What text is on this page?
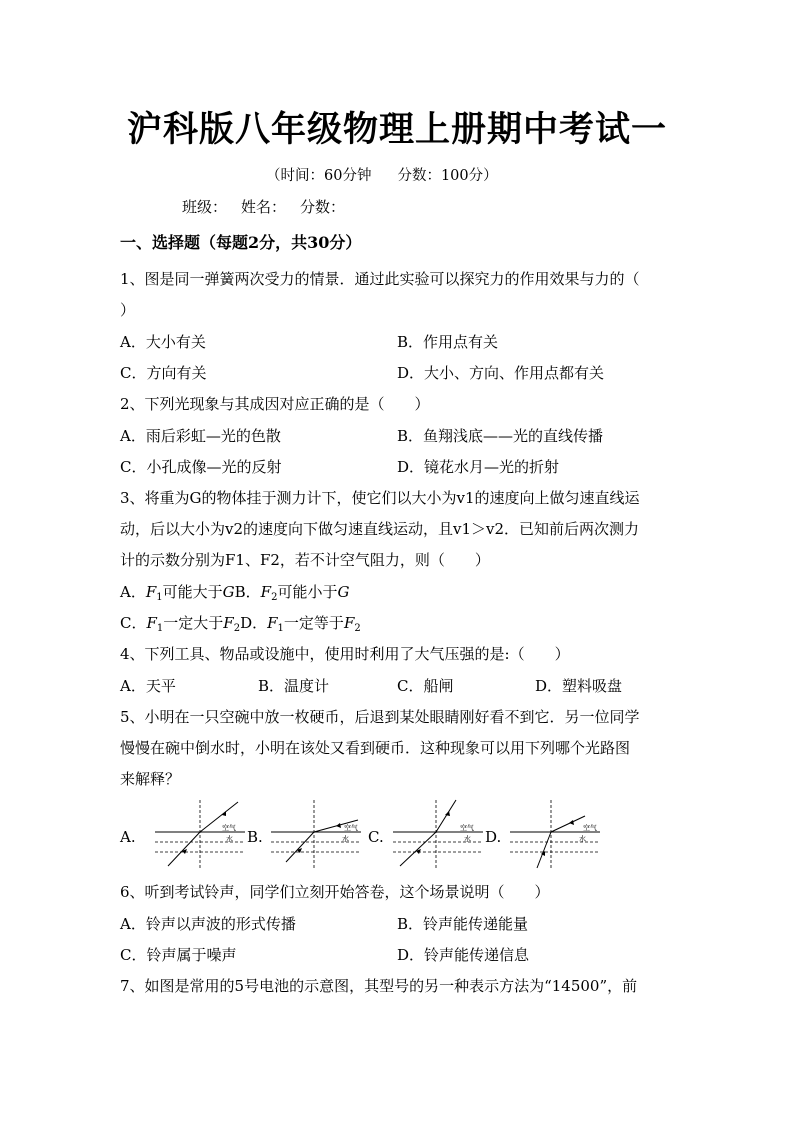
沪科版八年级物理上册期中考试一
（时间：60分钟 分数：100分）
班级： 姓名： 分数：
一、选择题（每题2分，共30分）
1、图是同一弹簧两次受力的情景．通过此实验可以探究力的作用效果与力的（
）
A．大小有关	B．作用点有关
C．方向有关	D．大小、方向、作用点都有关
2、下列光现象与其成因对应正确的是（　　）
A．雨后彩虹—光的色散	B．鱼翔浅底——光的直线传播
C．小孔成像—光的反射	D．镜花水月—光的折射
3、将重为G的物体挂于测力计下，使它们以大小为v1的速度向上做匀速直线运
动，后以大小为v2的速度向下做匀速直线运动，且v1＞v2．已知前后两次测力
计的示数分别为F1、F2，若不计空气阻力，则（　　）
A．$F_1$可能大于GB．$F_2$可能小于G
C．$F_1$一定大于$F_2D$．$F_1$一定等于$F_2$
4、下列工具、物品或设施中，使用时利用了大气压强的是:（　　）
A．天平	B．温度计	C．船闸	D．塑料吸盘
5、小明在一只空碗中放一枚硬币，后退到某处眼睛刚好看不到它．另一位同学
慢慢在碗中倒水时，小明在该处又看到硬币．这种现象可以用下列哪个光路图
来解释？
A.	空气
水 B.	空气
水 C.	空气
水 D.	空气
水
6、听到考试铃声，同学们立刻开始答卷，这个场景说明（　　）
A．铃声以声波的形式传播	B．铃声能传递能量
C．铃声属于噪声	D．铃声能传递信息
7、如图是常用的5号电池的示意图，其型号的另一种表示方法为“14500”，前
